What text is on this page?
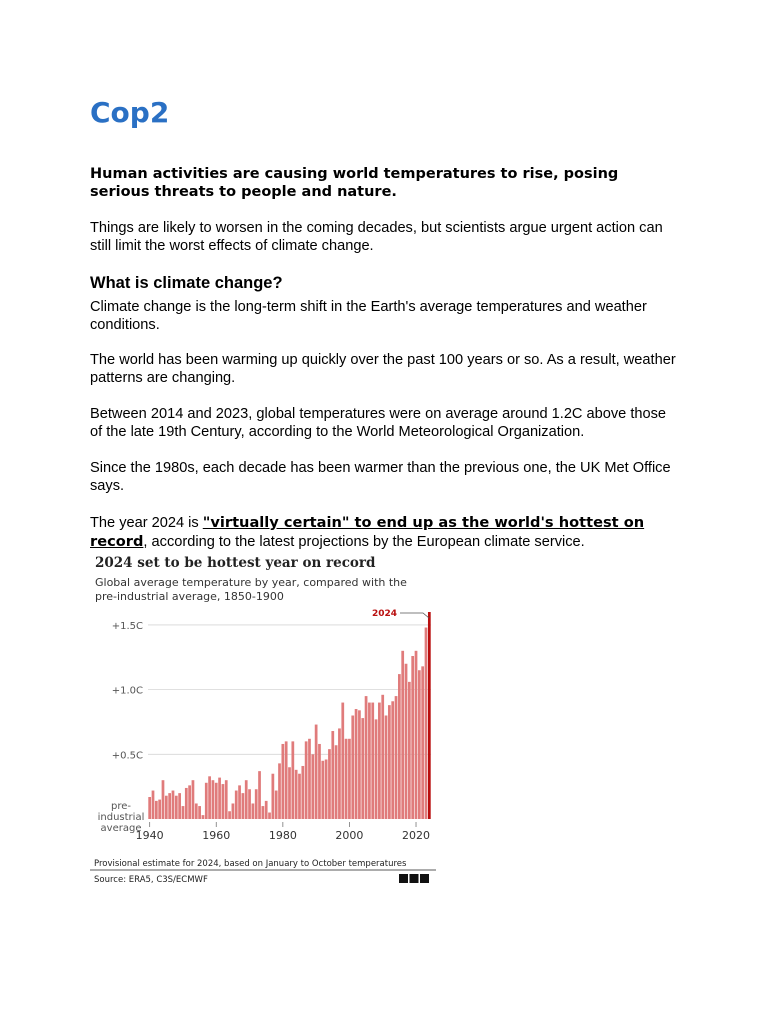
Cop2

Human activities are causing world temperatures to rise, posing serious threats to people and nature.

Things are likely to worsen in the coming decades, but scientists argue urgent action can still limit the worst effects of climate change.

What is climate change?

Climate change is the long-term shift in the Earth's average temperatures and weather conditions.

The world has been warming up quickly over the past 100 years or so. As a result, weather patterns are changing.

Between 2014 and 2023, global temperatures were on average around 1.2C above those of the late 19th Century, according to the World Meteorological Organization.

Since the 1980s, each decade has been warmer than the previous one, the UK Met Office says.

The year 2024 is "virtually certain" to end up as the world's hottest on record, according to the latest projections by the European climate service.

2024 set to be hottest year on record
Global average temperature by year, compared with the
pre-industrial average, 1850-1900
+0.5C
+1.0C
+1.5C
1940	1960	1980	2000	2020
2024
pre-
industrial
average
Provisional estimate for 2024, based on January to October temperatures
Source: ERA5, C3S/ECMWF
